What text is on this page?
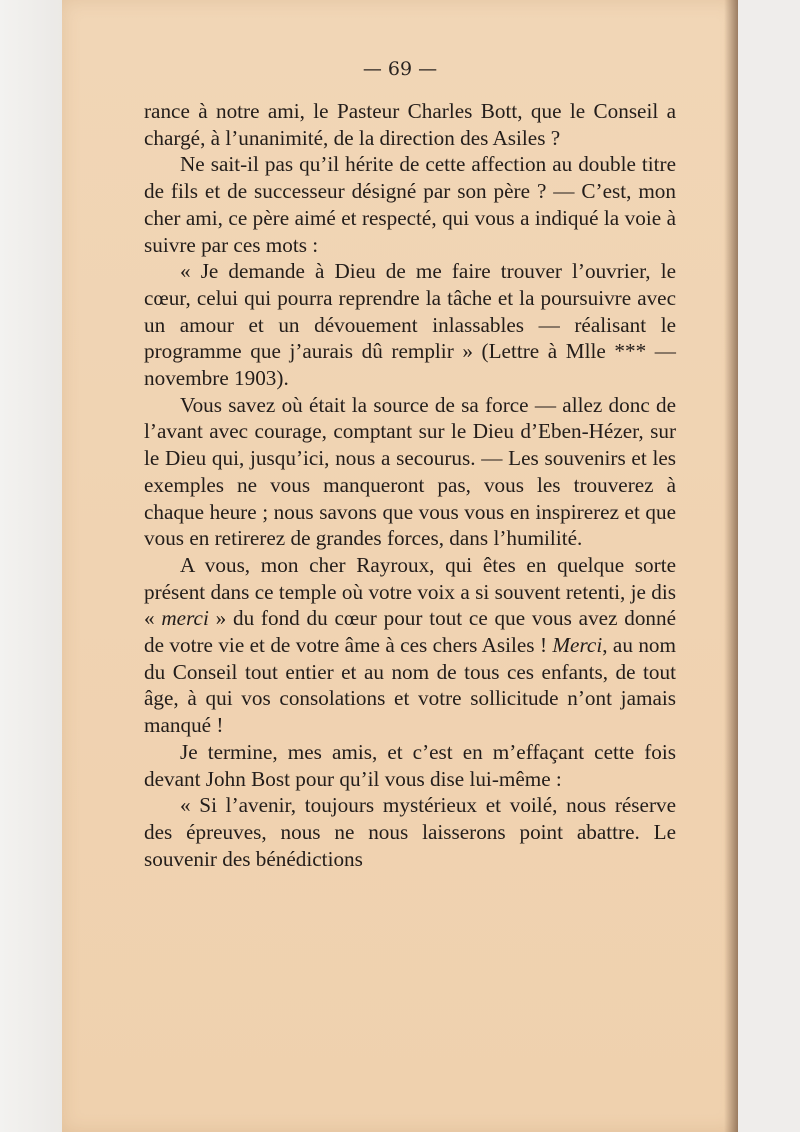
— 69 —

rance à notre ami, le Pasteur Charles Bott, que le Conseil a chargé, à l’unanimité, de la direction des Asiles ?

Ne sait-il pas qu’il hérite de cette affection au double titre de fils et de successeur désigné par son père ? — C’est, mon cher ami, ce père aimé et respecté, qui vous a indiqué la voie à suivre par ces mots :

« Je demande à Dieu de me faire trouver l’ouvrier, le cœur, celui qui pourra reprendre la tâche et la poursuivre avec un amour et un dévouement inlassables — réalisant le programme que j’aurais dû remplir » (Lettre à Mlle *** — novembre 1903).

Vous savez où était la source de sa force — allez donc de l’avant avec courage, comptant sur le Dieu d’Eben-Hézer, sur le Dieu qui, jusqu’ici, nous a secourus. — Les souvenirs et les exemples ne vous manqueront pas, vous les trouverez à chaque heure ; nous savons que vous vous en inspirerez et que vous en retirerez de grandes forces, dans l’humilité.

A vous, mon cher Rayroux, qui êtes en quelque sorte présent dans ce temple où votre voix a si souvent retenti, je dis « merci » du fond du cœur pour tout ce que vous avez donné de votre vie et de votre âme à ces chers Asiles ! Merci, au nom du Conseil tout entier et au nom de tous ces enfants, de tout âge, à qui vos consolations et votre sollicitude n’ont jamais manqué !

Je termine, mes amis, et c’est en m’effaçant cette fois devant John Bost pour qu’il vous dise lui-même :

« Si l’avenir, toujours mystérieux et voilé, nous réserve des épreuves, nous ne nous laisserons point abattre. Le souvenir des bénédictions
